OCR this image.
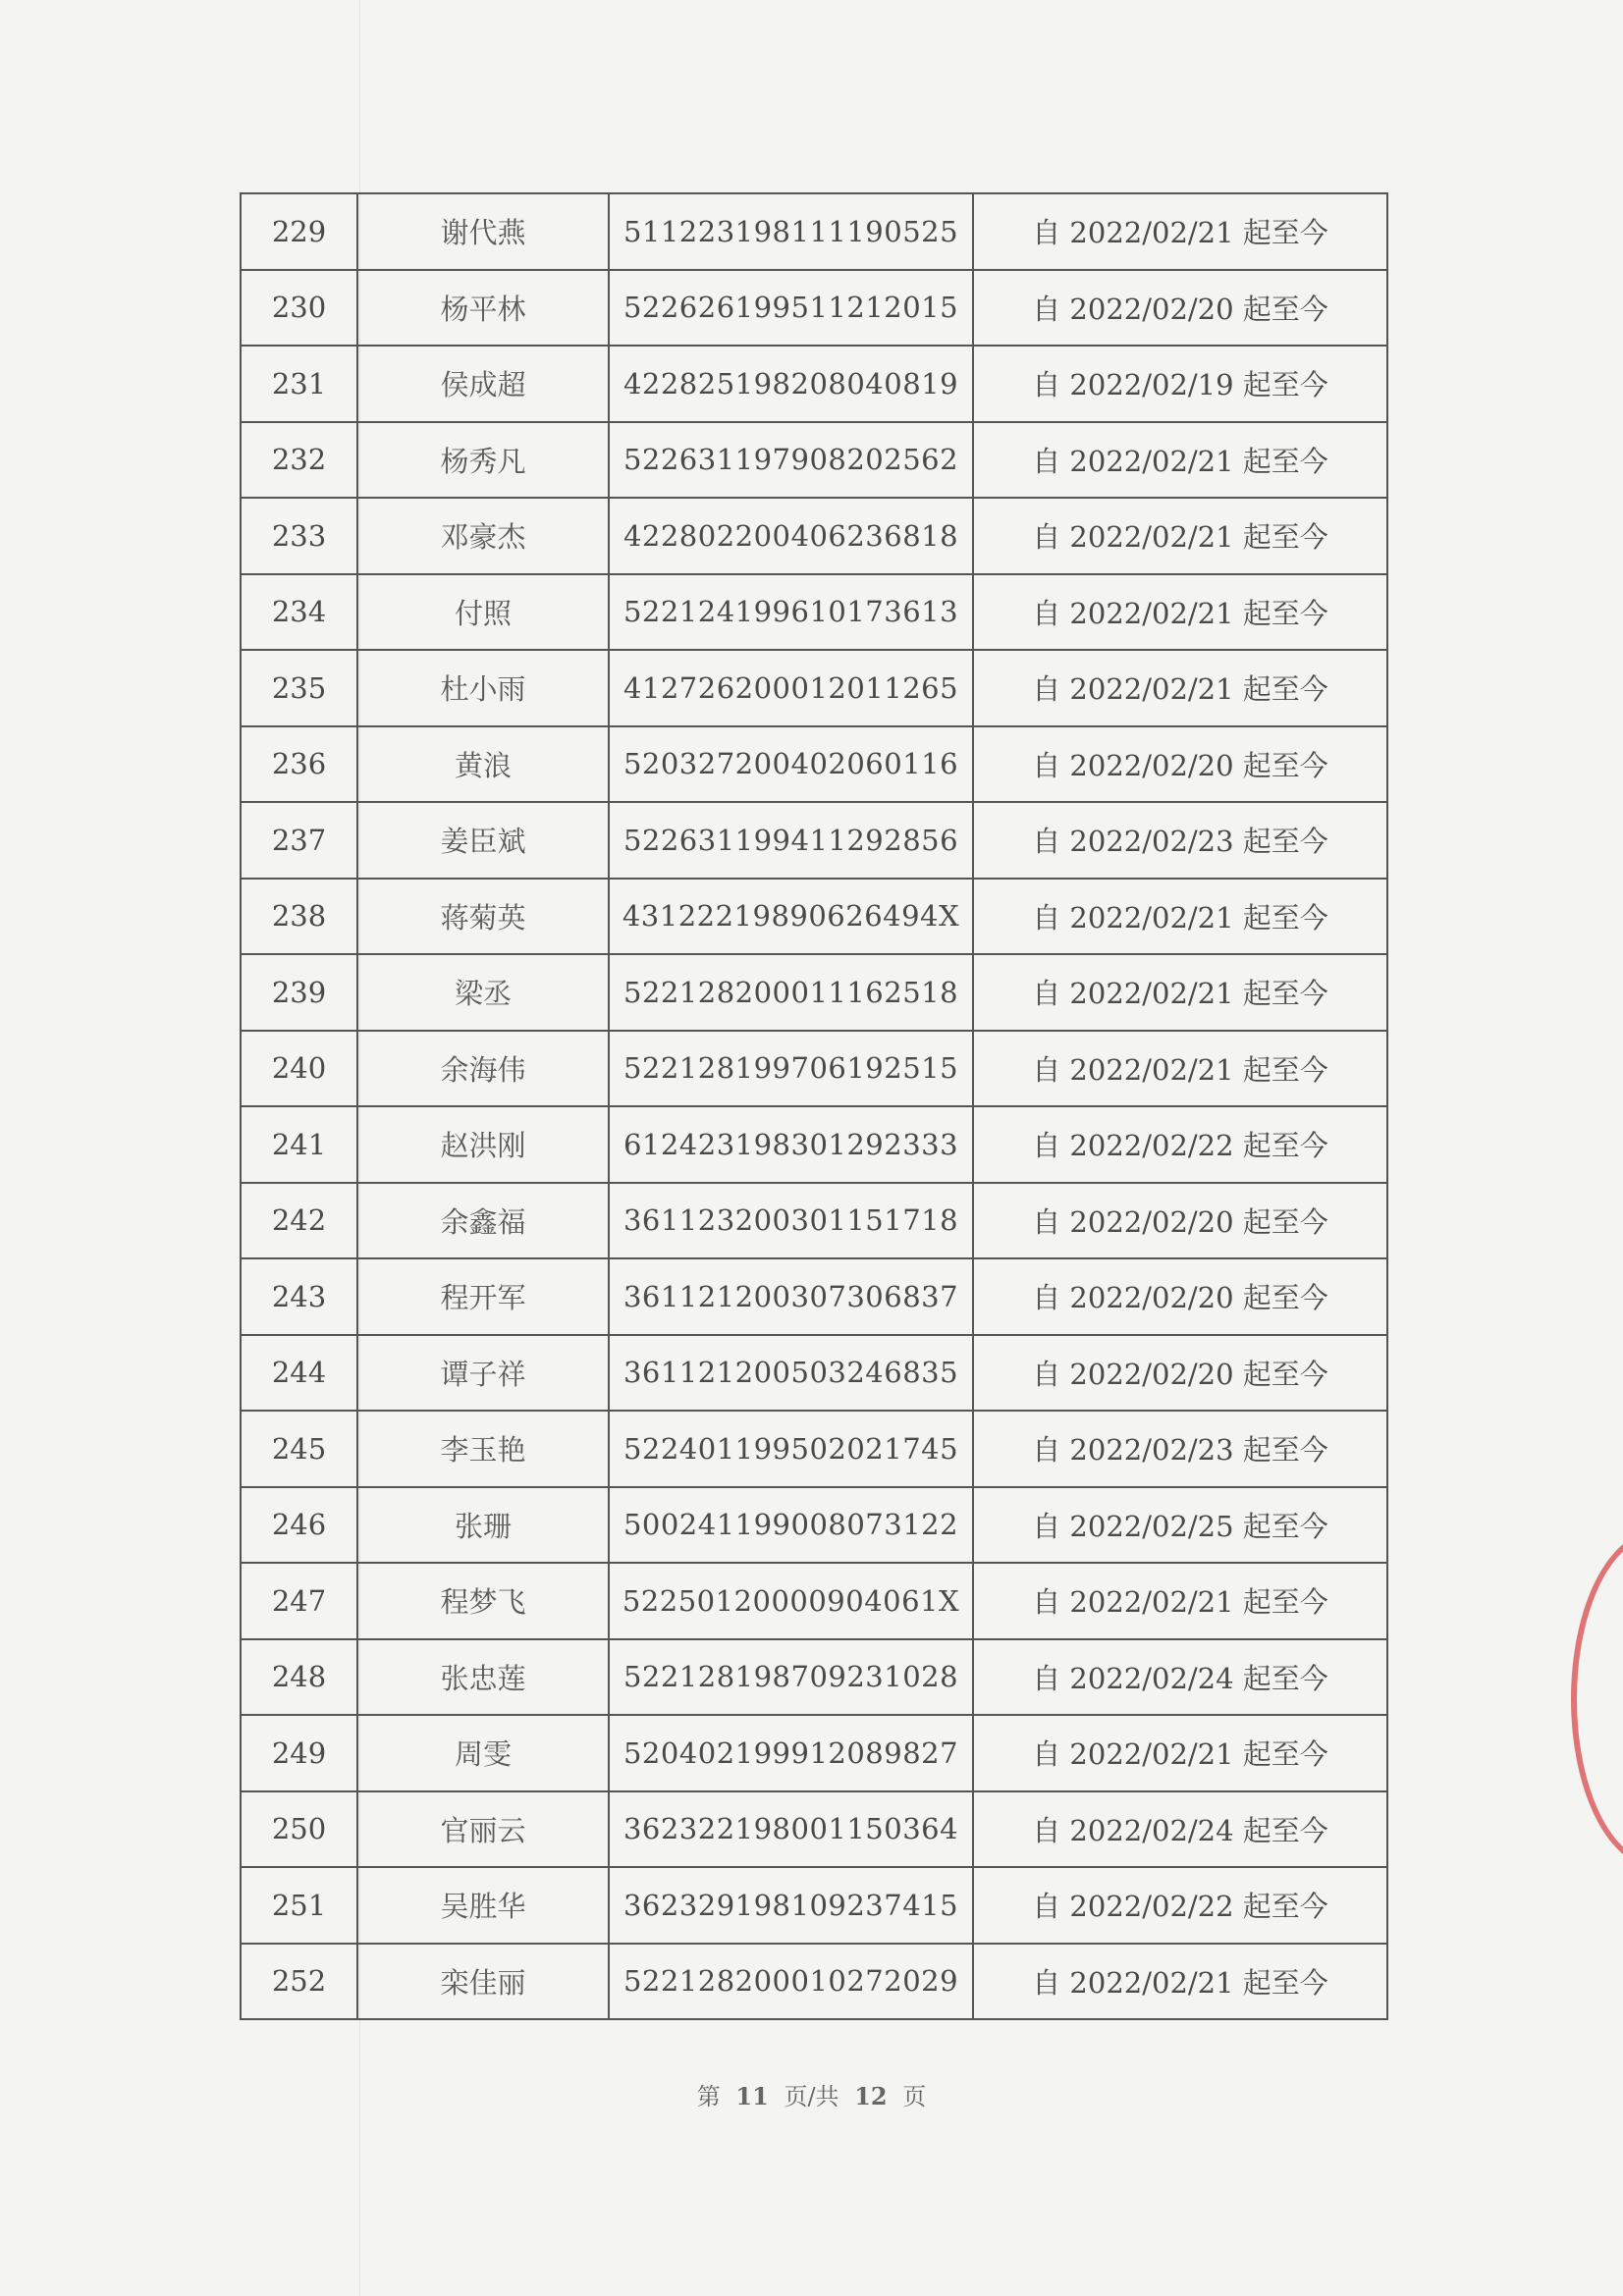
229	谢代燕	511223198111190525	自 2022/02/21 起至今
230	杨平林	522626199511212015	自 2022/02/20 起至今
231	侯成超	422825198208040819	自 2022/02/19 起至今
232	杨秀凡	522631197908202562	自 2022/02/21 起至今
233	邓豪杰	422802200406236818	自 2022/02/21 起至今
234	付照	522124199610173613	自 2022/02/21 起至今
235	杜小雨	412726200012011265	自 2022/02/21 起至今
236	黄浪	520327200402060116	自 2022/02/20 起至今
237	姜臣斌	522631199411292856	自 2022/02/23 起至今
238	蒋菊英	43122219890626494X	自 2022/02/21 起至今
239	梁丞	522128200011162518	自 2022/02/21 起至今
240	余海伟	522128199706192515	自 2022/02/21 起至今
241	赵洪刚	612423198301292333	自 2022/02/22 起至今
242	余鑫福	361123200301151718	自 2022/02/20 起至今
243	程开军	361121200307306837	自 2022/02/20 起至今
244	谭子祥	361121200503246835	自 2022/02/20 起至今
245	李玉艳	522401199502021745	自 2022/02/23 起至今
246	张珊	500241199008073122	自 2022/02/25 起至今
247	程梦飞	52250120000904061X	自 2022/02/21 起至今
248	张忠莲	522128198709231028	自 2022/02/24 起至今
249	周雯	520402199912089827	自 2022/02/21 起至今
250	官丽云	362322198001150364	自 2022/02/24 起至今
251	吴胜华	362329198109237415	自 2022/02/22 起至今
252	栾佳丽	522128200010272029	自 2022/02/21 起至今
第 11 页/共 12 页
